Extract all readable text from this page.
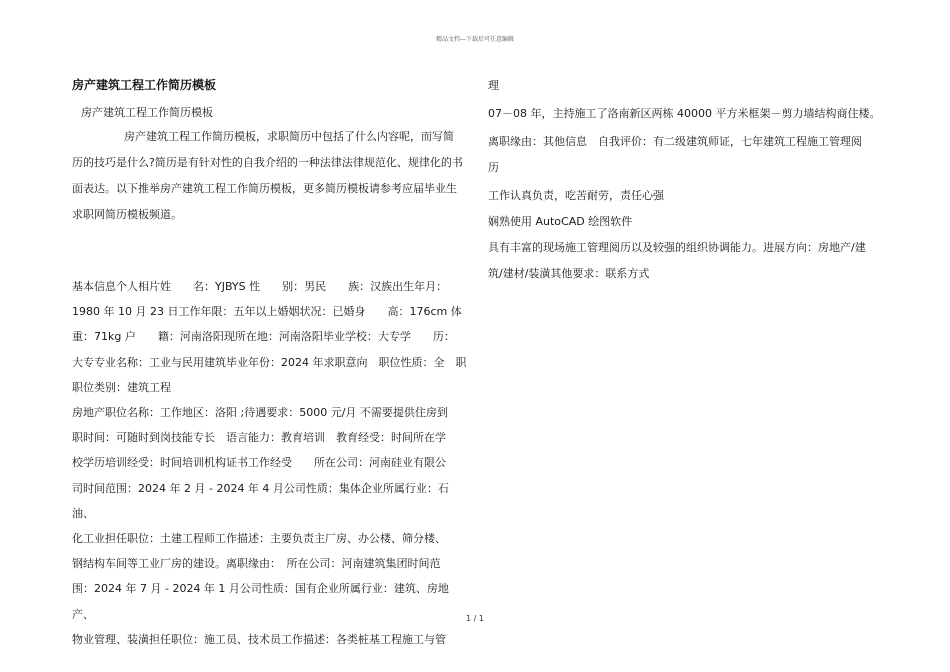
精品文档—下载后可任意编辑
房产建筑工程工作简历模板
房产建筑工程工作简历模板
房产建筑工程工作简历模板，求职简历中包括了什么内容呢，而写简历的技巧是什么?简历是有针对性的自我介绍的一种法律法律规范化、规律化的书面表达。以下推举房产建筑工程工作简历模板，更多简历模板请参考应届毕业生求职网简历模板频道。

基本信息个人相片姓　　名：YJBYS 性　　别：男民　　族：汉族出生年月：

1980 年 10 月 23 日工作年限：五年以上婚姻状况：已婚身　　高：176cm 体

重：71kg 户　　籍：河南洛阳现所在地：河南洛阳毕业学校：大专学　　历：

大专专业名称：工业与民用建筑毕业年份：2024 年求职意向　职位性质：全　职

职位类别：建筑工程

房地产职位名称：工作地区：洛阳 ;待遇要求：5000 元/月 不需要提供住房到

职时间：可随时到岗技能专长　语言能力：教育培训　教育经受：时间所在学

校学历培训经受：时间培训机构证书工作经受　　所在公司：河南硅业有限公

司时间范围：2024 年 2 月 - 2024 年 4 月公司性质：集体企业所属行业：石油、

化工业担任职位：土建工程师工作描述：主要负责主厂房、办公楼、筛分楼、

钢结构车间等工业厂房的建设。离职缘由：　所在公司：河南建筑集团时间范

围：2024 年 7 月 - 2024 年 1 月公司性质：国有企业所属行业：建筑、房地产、

物业管理、装潢担任职位：施工员、技术员工作描述：各类桩基工程施工与管

理

07－08 年，主持施工了洛南新区两栋 40000 平方米框架－剪力墙结构商住楼。

离职缘由：其他信息　自我评价：有二级建筑师证，七年建筑工程施工管理阅

历

工作认真负责，吃苦耐劳，责任心强

娴熟使用 AutoCAD 绘图软件

具有丰富的现场施工管理阅历以及较强的组织协调能力。进展方向：房地产/建

筑/建材/装潢其他要求：联系方式

1 / 1
